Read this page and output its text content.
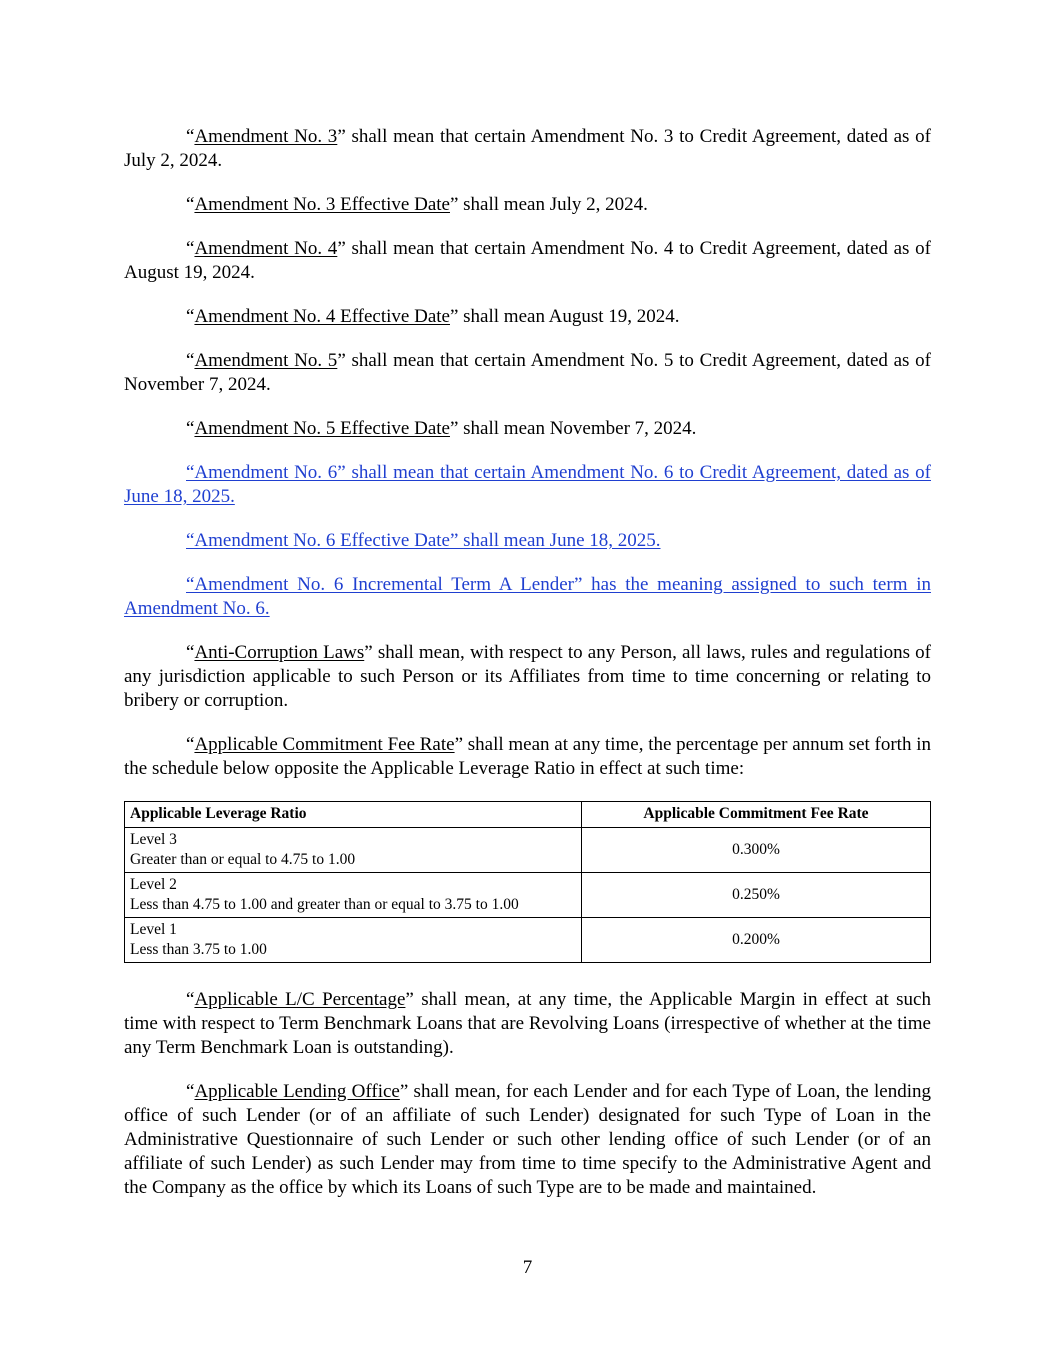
“Amendment No. 3” shall mean that certain Amendment No. 3 to Credit Agreement, dated as of July 2, 2024.

“Amendment No. 3 Effective Date” shall mean July 2, 2024.

“Amendment No. 4” shall mean that certain Amendment No. 4 to Credit Agreement, dated as of August 19, 2024.

“Amendment No. 4 Effective Date” shall mean August 19, 2024.

“Amendment No. 5” shall mean that certain Amendment No. 5 to Credit Agreement, dated as of November 7, 2024.

“Amendment No. 5 Effective Date” shall mean November 7, 2024.

“Amendment No. 6” shall mean that certain Amendment No. 6 to Credit Agreement, dated as of June 18, 2025.

“Amendment No. 6 Effective Date” shall mean June 18, 2025.

“Amendment No. 6 Incremental Term A Lender” has the meaning assigned to such term in Amendment No. 6.

“Anti-Corruption Laws” shall mean, with respect to any Person, all laws, rules and regulations of any jurisdiction applicable to such Person or its Affiliates from time to time concerning or relating to bribery or corruption.

“Applicable Commitment Fee Rate” shall mean at any time, the percentage per annum set forth in the schedule below opposite the Applicable Leverage Ratio in effect at such time:

Applicable Leverage Ratio	Applicable Commitment Fee Rate

Level 3
Greater than or equal to 4.75 to 1.00	0.300%

Level 2
Less than 4.75 to 1.00 and greater than or equal to 3.75 to 1.00	0.250%

Level 1
Less than 3.75 to 1.00	0.200%

“Applicable L/C Percentage” shall mean, at any time, the Applicable Margin in effect at such time with respect to Term Benchmark Loans that are Revolving Loans (irrespective of whether at the time any Term Benchmark Loan is outstanding).

“Applicable Lending Office” shall mean, for each Lender and for each Type of Loan, the lending office of such Lender (or of an affiliate of such Lender) designated for such Type of Loan in the Administrative Questionnaire of such Lender or such other lending office of such Lender (or of an affiliate of such Lender) as such Lender may from time to time specify to the Administrative Agent and the Company as the office by which its Loans of such Type are to be made and maintained.

7
